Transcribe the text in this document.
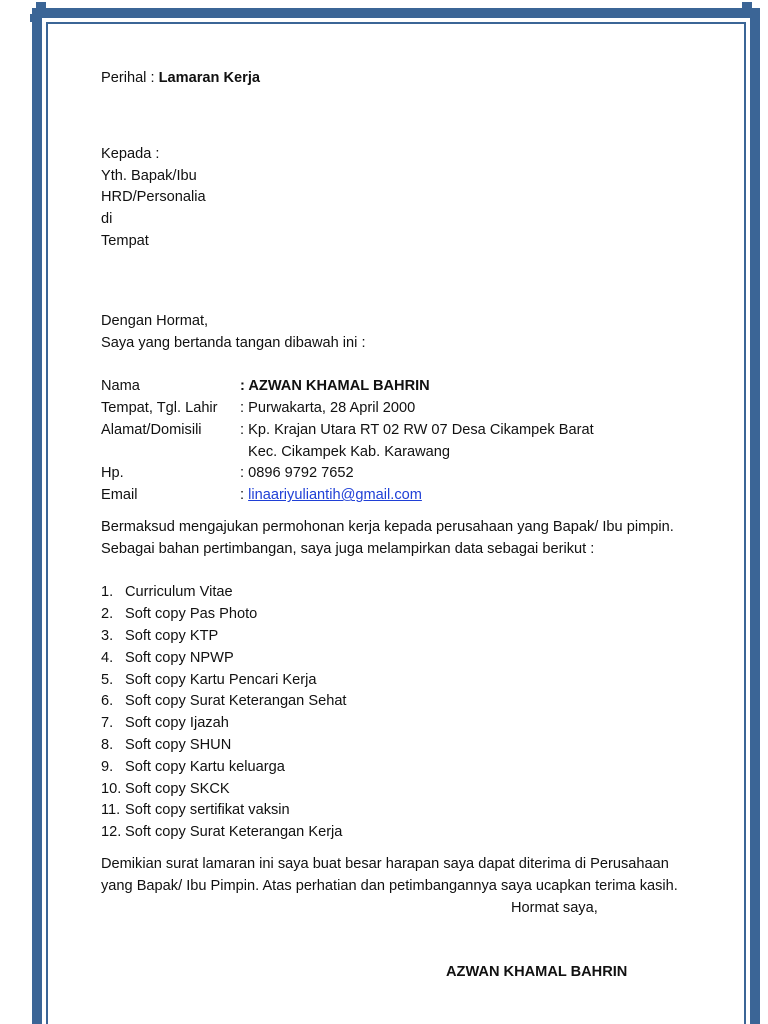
Perihal : Lamaran Kerja
Kepada :
Yth. Bapak/Ibu
HRD/Personalia
di
Tempat
Dengan Hormat,
Saya yang bertanda tangan dibawah ini :
Nama	: AZWAN KHAMAL BAHRIN
Tempat, Tgl. Lahir	: Purwakarta, 28 April 2000
Alamat/Domisili	: Kp. Krajan Utara RT 02 RW 07 Desa Cikampek Barat
Kec. Cikampek Kab. Karawang
Hp.	: 0896 9792 7652
Email	: linaariyuliantih@gmail.com
Bermaksud mengajukan permohonan kerja kepada perusahaan yang Bapak/ Ibu pimpin.
Sebagai bahan pertimbangan, saya juga melampirkan data sebagai berikut :
1. Curriculum Vitae
2. Soft copy Pas Photo
3. Soft copy KTP
4. Soft copy NPWP
5. Soft copy Kartu Pencari Kerja
6. Soft copy Surat Keterangan Sehat
7. Soft copy Ijazah
8. Soft copy SHUN
9. Soft copy Kartu keluarga
10. Soft copy SKCK
11. Soft copy sertifikat vaksin
12. Soft copy Surat Keterangan Kerja
Demikian surat lamaran ini saya buat besar harapan saya dapat diterima di Perusahaan
yang Bapak/ Ibu Pimpin. Atas perhatian dan petimbangannya saya ucapkan terima kasih.
Hormat saya,
AZWAN KHAMAL BAHRIN
